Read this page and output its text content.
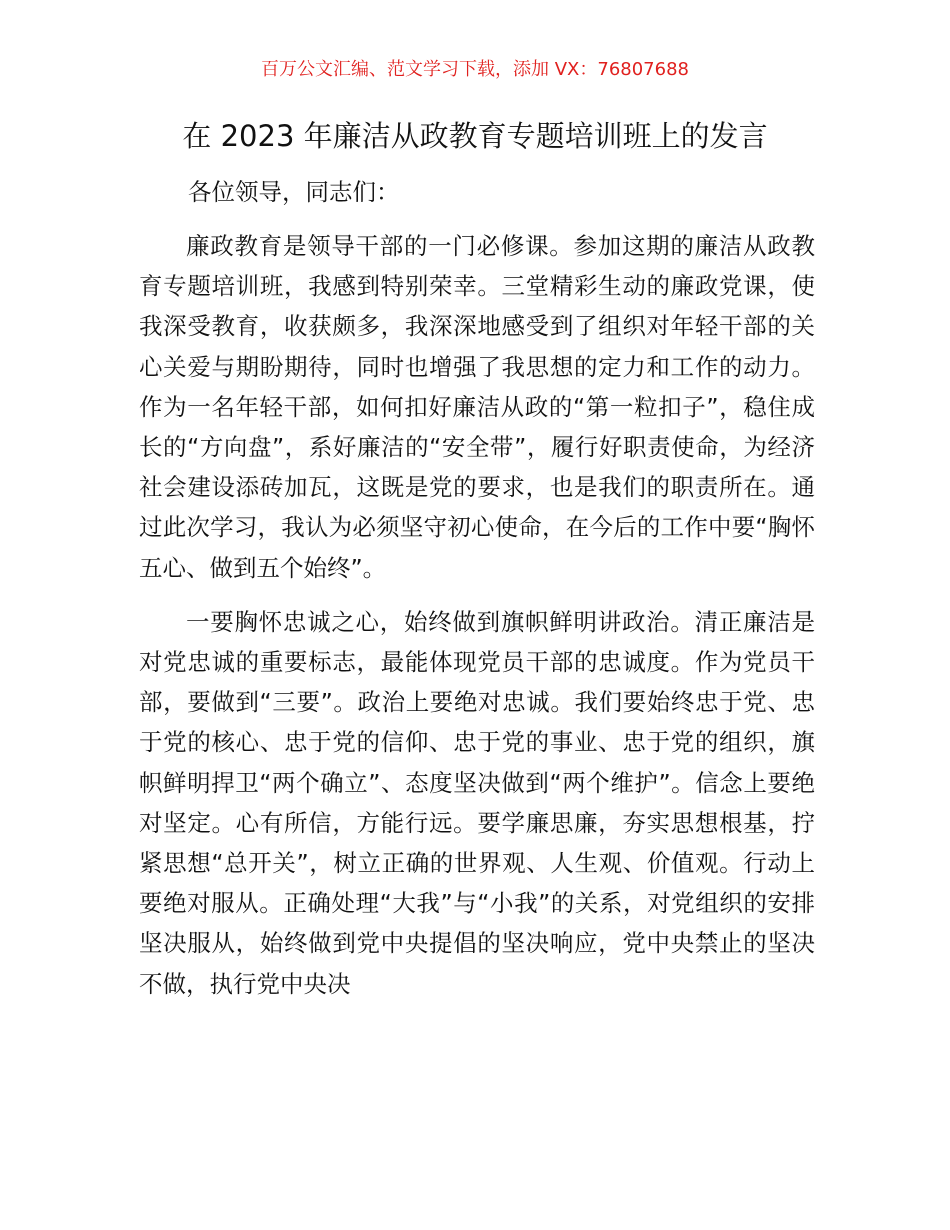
百万公文汇编、范文学习下载，添加 VX：76807688
在 2023 年廉洁从政教育专题培训班上的发言
各位领导，同志们：

廉政教育是领导干部的一门必修课。参加这期的廉洁从政教育专题培训班，我感到特别荣幸。三堂精彩生动的廉政党课，使我深受教育，收获颇多，我深深地感受到了组织对年轻干部的关心关爱与期盼期待，同时也增强了我思想的定力和工作的动力。作为一名年轻干部，如何扣好廉洁从政的“第一粒扣子”，稳住成长的“方向盘”，系好廉洁的“安全带”，履行好职责使命，为经济社会建设添砖加瓦，这既是党的要求，也是我们的职责所在。通过此次学习，我认为必须坚守初心使命，在今后的工作中要“胸怀五心、做到五个始终”。

一要胸怀忠诚之心，始终做到旗帜鲜明讲政治。清正廉洁是对党忠诚的重要标志，最能体现党员干部的忠诚度。作为党员干部，要做到“三要”。政治上要绝对忠诚。我们要始终忠于党、忠于党的核心、忠于党的信仰、忠于党的事业、忠于党的组织，旗帜鲜明捍卫“两个确立”、态度坚决做到“两个维护”。信念上要绝对坚定。心有所信，方能行远。要学廉思廉，夯实思想根基，拧紧思想“总开关”，树立正确的世界观、人生观、价值观。行动上要绝对服从。正确处理“大我”与“小我”的关系，对党组织的安排坚决服从，始终做到党中央提倡的坚决响应，党中央禁止的坚决不做，执行党中央决
